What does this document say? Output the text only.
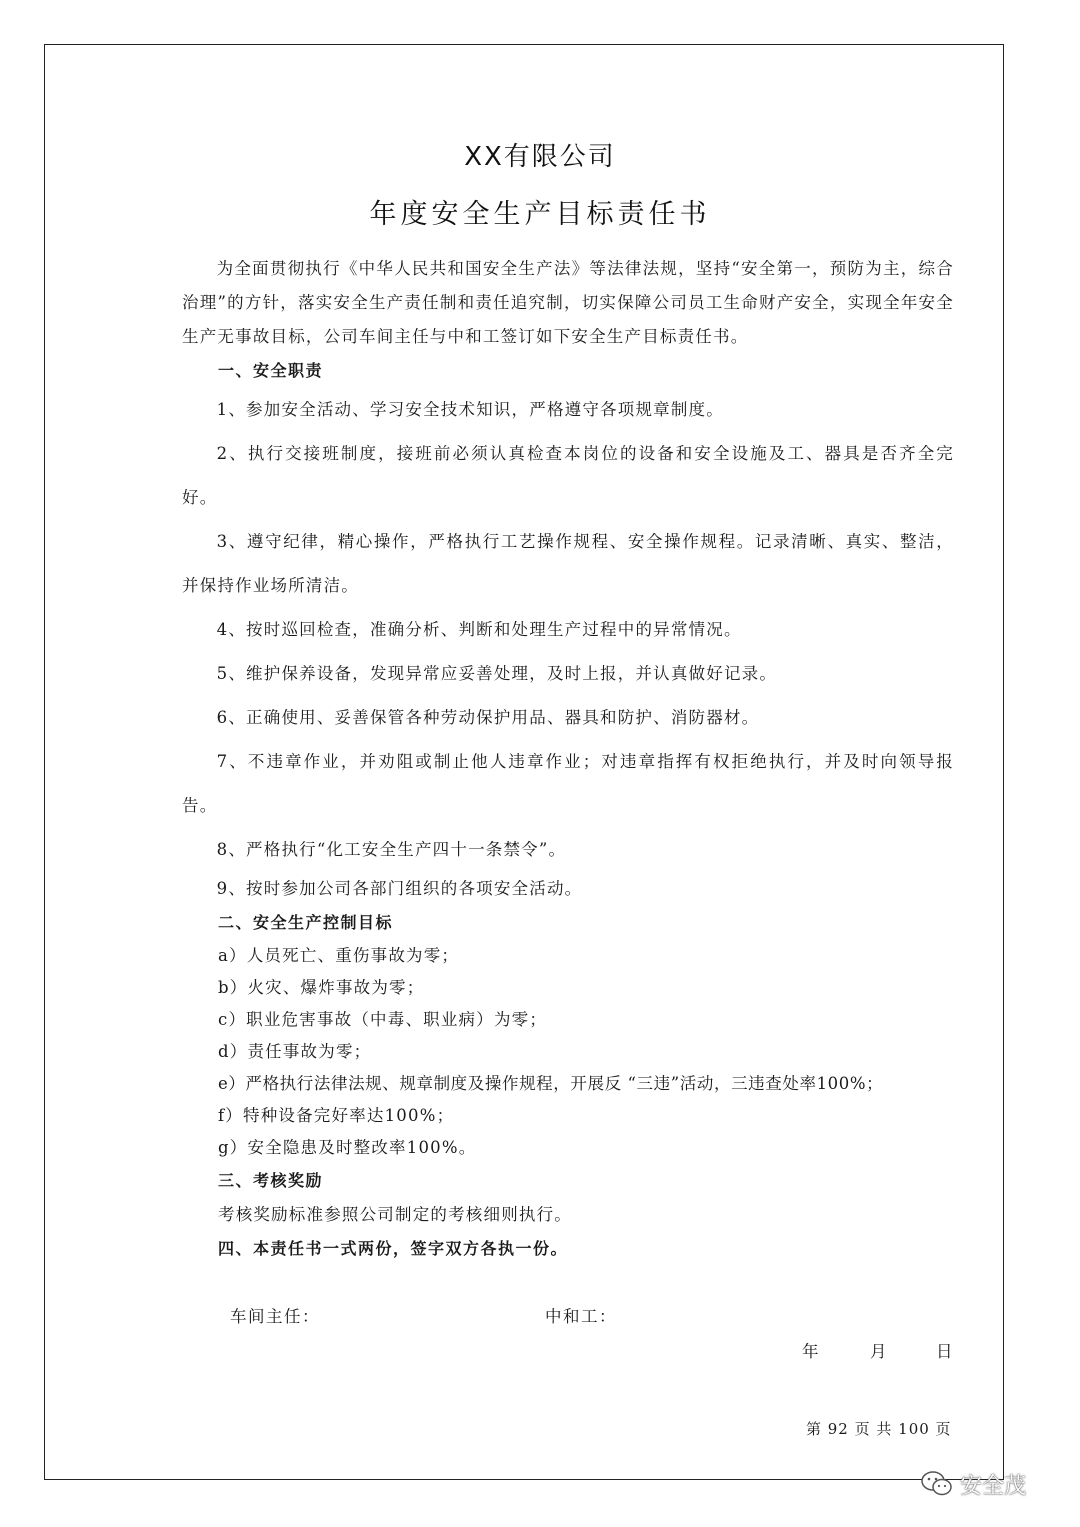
XX有限公司
年度安全生产目标责任书

为全面贯彻执行《中华人民共和国安全生产法》等法律法规，坚持“安全第一，预防为主，综合治理”的方针，落实安全生产责任制和责任追究制，切实保障公司员工生命财产安全，实现全年安全生产无事故目标，公司车间主任与中和工签订如下安全生产目标责任书。

一、安全职责

1、参加安全活动、学习安全技术知识，严格遵守各项规章制度。

2、执行交接班制度，接班前必须认真检查本岗位的设备和安全设施及工、器具是否齐全完好。

3、遵守纪律，精心操作，严格执行工艺操作规程、安全操作规程。记录清晰、真实、整洁，并保持作业场所清洁。

4、按时巡回检查，准确分析、判断和处理生产过程中的异常情况。

5、维护保养设备，发现异常应妥善处理，及时上报，并认真做好记录。

6、正确使用、妥善保管各种劳动保护用品、器具和防护、消防器材。

7、不违章作业，并劝阻或制止他人违章作业；对违章指挥有权拒绝执行，并及时向领导报告。

8、严格执行“化工安全生产四十一条禁令”。

9、按时参加公司各部门组织的各项安全活动。

二、安全生产控制目标

a）人员死亡、重伤事故为零；

b）火灾、爆炸事故为零；

c）职业危害事故（中毒、职业病）为零；

d）责任事故为零；

e）严格执行法律法规、规章制度及操作规程，开展反 “三违”活动，三违查处率100%；

f）特种设备完好率达100%；

g）安全隐患及时整改率100%。

三、考核奖励

考核奖励标准参照公司制定的考核细则执行。

四、本责任书一式两份，签字双方各执一份。

车间主任：	中和工：
年	月	日
第 92 页 共 100 页
安全茂
